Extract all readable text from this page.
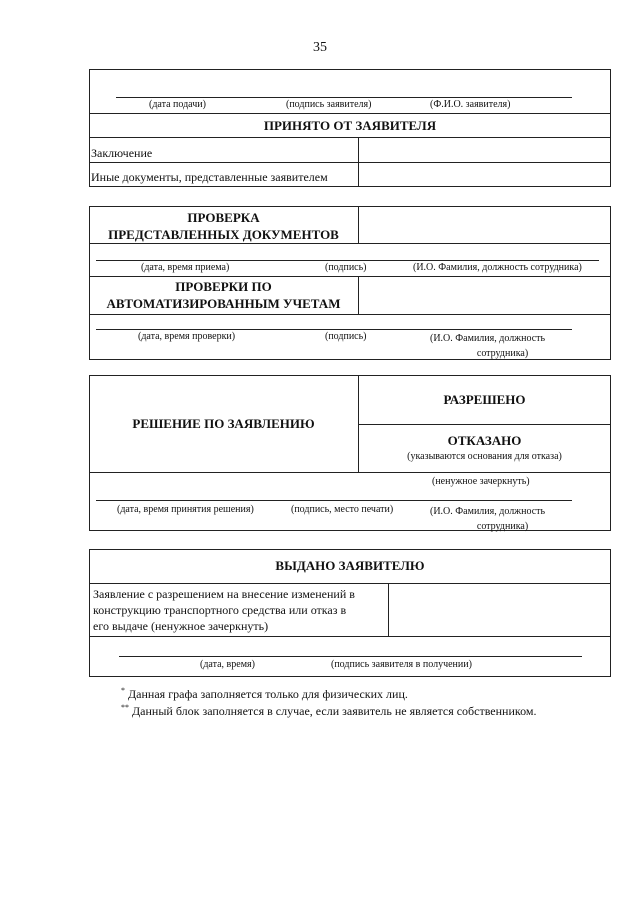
35
(дата подачи)	(подпись заявителя)	(Ф.И.О. заявителя)
ПРИНЯТО ОТ ЗАЯВИТЕЛЯ
Заключение
Иные документы, представленные заявителем
ПРОВЕРКА
ПРЕДСТАВЛЕННЫХ ДОКУМЕНТОВ
(дата, время приема)	(подпись)	(И.О. Фамилия, должность сотрудника)
ПРОВЕРКИ ПО
АВТОМАТИЗИРОВАННЫМ УЧЕТАМ
(дата, время проверки)	(подпись)	(И.О. Фамилия, должность
сотрудника)
РЕШЕНИЕ ПО ЗАЯВЛЕНИЮ
РАЗРЕШЕНО
ОТКАЗАНО
(указываются основания для отказа)
(ненужное зачеркнуть)
(дата, время принятия решения)	(подпись, место печати)	(И.О. Фамилия, должность
сотрудника)
ВЫДАНО ЗАЯВИТЕЛЮ
Заявление с разрешением на внесение изменений в
конструкцию транспортного средства или отказ в
его выдаче (ненужное зачеркнуть)
(дата, время)	(подпись заявителя в получении)
* Данная графа заполняется только для физических лиц.
** Данный блок заполняется в случае, если заявитель не является собственником.
